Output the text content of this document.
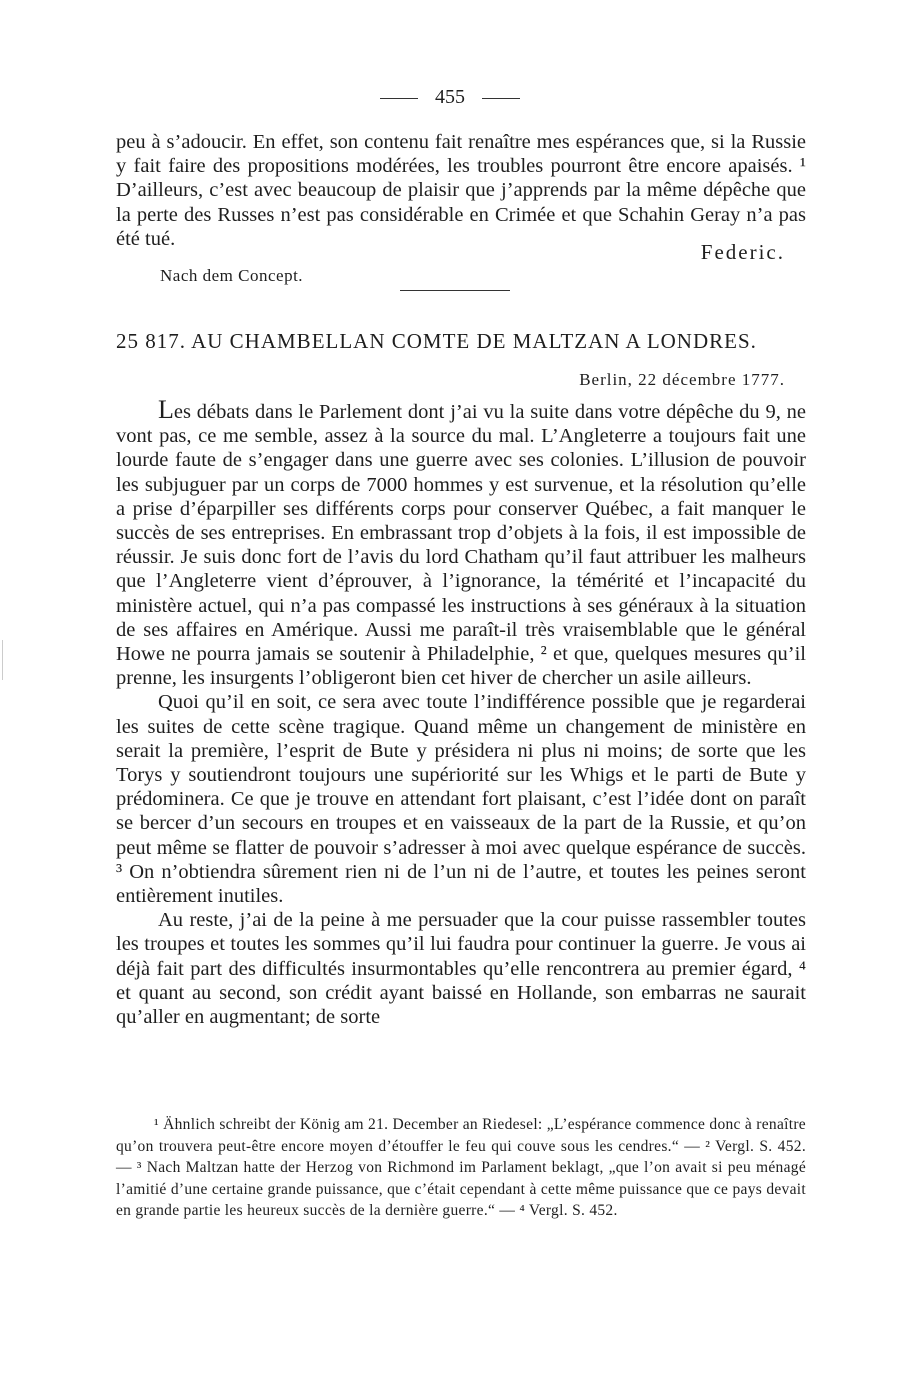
455

peu à s’adoucir. En effet, son contenu fait renaître mes espérances que, si la Russie y fait faire des propositions modérées, les troubles pourront être encore apaisés. ¹ D’ailleurs, c’est avec beaucoup de plaisir que j’apprends par la même dépêche que la perte des Russes n’est pas considérable en Crimée et que Schahin Geray n’a pas été tué.

Federic.
Nach dem Concept.
25 817. AU CHAMBELLAN COMTE DE MALTZAN A LONDRES.
Berlin, 22 décembre 1777.

Les débats dans le Parlement dont j’ai vu la suite dans votre dépêche du 9, ne vont pas, ce me semble, assez à la source du mal. L’Angleterre a toujours fait une lourde faute de s’engager dans une guerre avec ses colonies. L’illusion de pouvoir les subjuguer par un corps de 7000 hommes y est survenue, et la résolution qu’elle a prise d’éparpiller ses différents corps pour conserver Québec, a fait manquer le succès de ses entreprises. En embrassant trop d’objets à la fois, il est impossible de réussir. Je suis donc fort de l’avis du lord Chatham qu’il faut attribuer les malheurs que l’Angleterre vient d’éprouver, à l’ignorance, la témérité et l’incapacité du ministère actuel, qui n’a pas compassé les instructions à ses généraux à la situation de ses affaires en Amérique. Aussi me paraît-il très vraisemblable que le général Howe ne pourra jamais se soutenir à Philadelphie, ² et que, quelques mesures qu’il prenne, les insurgents l’obligeront bien cet hiver de chercher un asile ailleurs.

Quoi qu’il en soit, ce sera avec toute l’indifférence possible que je regarderai les suites de cette scène tragique. Quand même un changement de ministère en serait la première, l’esprit de Bute y présidera ni plus ni moins; de sorte que les Torys y soutiendront toujours une supériorité sur les Whigs et le parti de Bute y prédominera. Ce que je trouve en attendant fort plaisant, c’est l’idée dont on paraît se bercer d’un secours en troupes et en vaisseaux de la part de la Russie, et qu’on peut même se flatter de pouvoir s’adresser à moi avec quelque espérance de succès. ³ On n’obtiendra sûrement rien ni de l’un ni de l’autre, et toutes les peines seront entièrement inutiles.

Au reste, j’ai de la peine à me persuader que la cour puisse rassembler toutes les troupes et toutes les sommes qu’il lui faudra pour continuer la guerre. Je vous ai déjà fait part des difficultés insurmontables qu’elle rencontrera au premier égard, ⁴ et quant au second, son crédit ayant baissé en Hollande, son embarras ne saurait qu’aller en augmentant; de sorte

¹ Ähnlich schreibt der König am 21. December an Riedesel: „L’espérance commence donc à renaître qu’on trouvera peut-être encore moyen d’étouffer le feu qui couve sous les cendres.“ — ² Vergl. S. 452. — ³ Nach Maltzan hatte der Herzog von Richmond im Parlament beklagt, „que l’on avait si peu ménagé l’amitié d’une certaine grande puissance, que c’était cependant à cette même puissance que ce pays devait en grande partie les heureux succès de la dernière guerre.“ — ⁴ Vergl. S. 452.
